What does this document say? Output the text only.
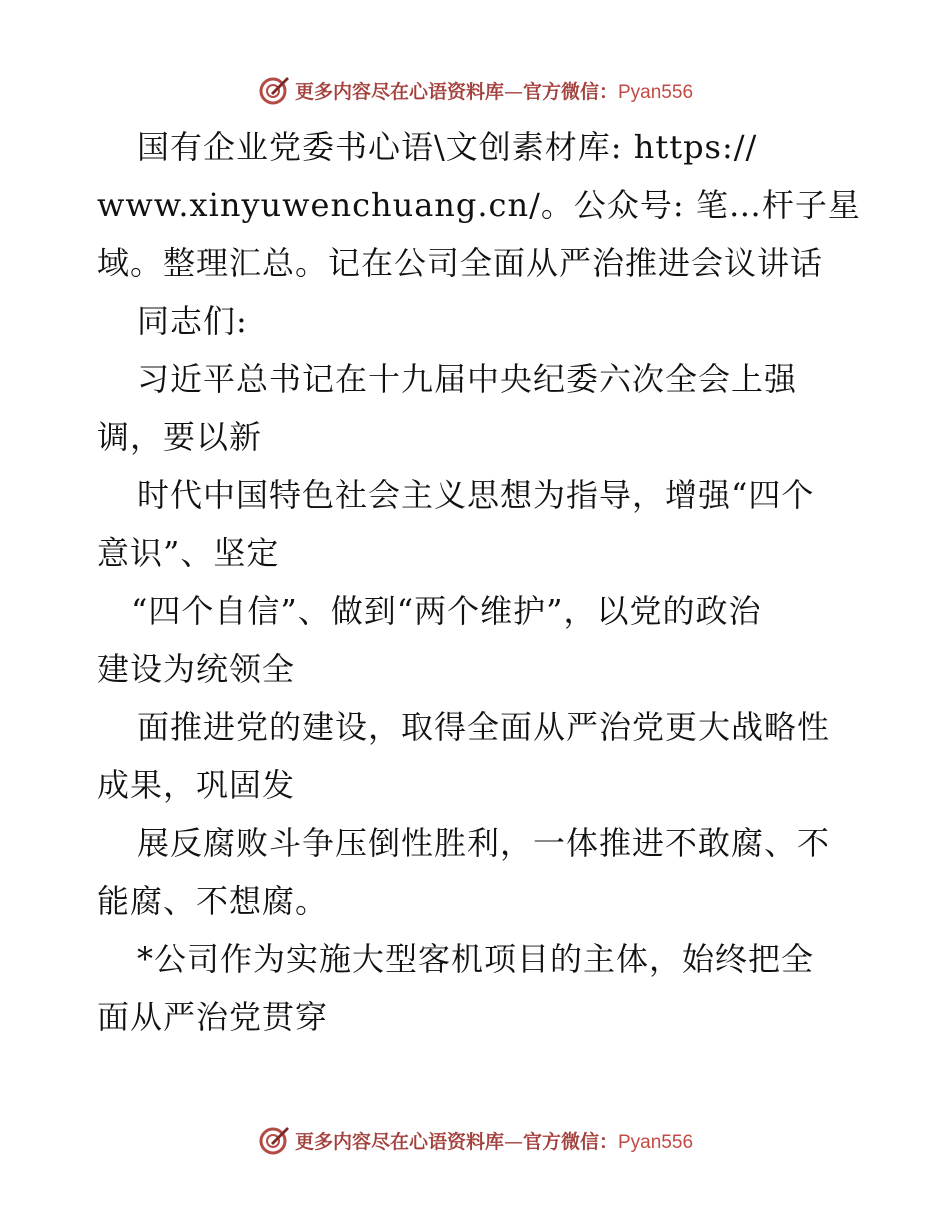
更多内容尽在心语资料库—官方微信：Pyan556
国有企业党委书心语\文创素材库: https://
www.xinyuwenchuang.cn/。公众号: 笔…杆子星
域。整理汇总。记在公司全面从严治推进会议讲话
同志们:
习近平总书记在十九届中央纪委六次全会上强
调，要以新
时代中国特色社会主义思想为指导，增强“四个
意识”、坚定
“四个自信”、做到“两个维护”，以党的政治
建设为统领全
面推进党的建设，取得全面从严治党更大战略性
成果，巩固发
展反腐败斗争压倒性胜利，一体推进不敢腐、不
能腐、不想腐。
*公司作为实施大型客机项目的主体，始终把全
面从严治党贯穿
更多内容尽在心语资料库—官方微信：Pyan556
